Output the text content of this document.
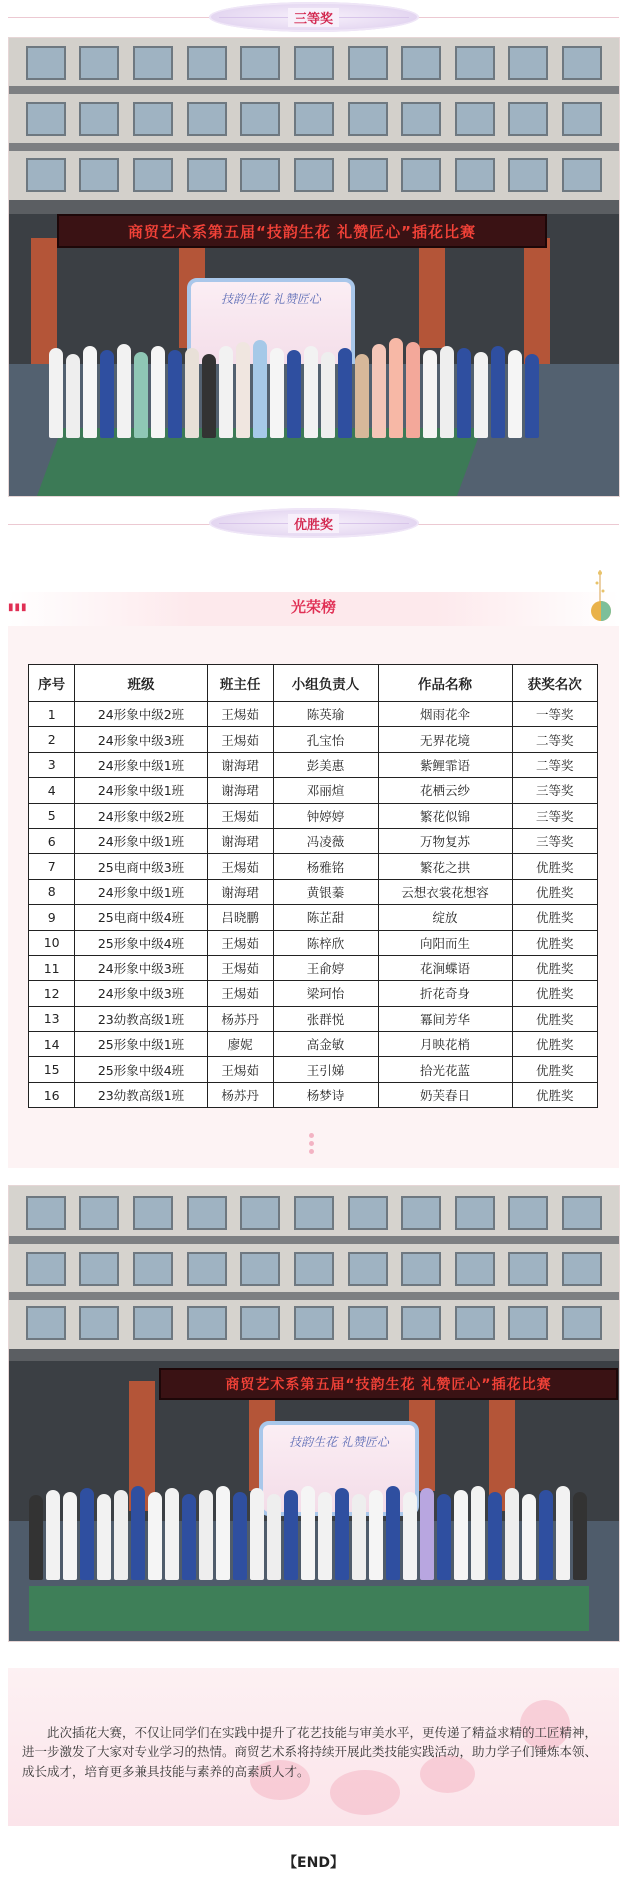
三等奖
商贸艺术系第五届“技韵生花 礼赞匠心”插花比赛
技韵生花 礼赞匠心
优胜奖
▮▮▮	光荣榜
序号	班级	班主任	小组负责人	作品名称	获奖名次
1	24形象中级2班	王焬茹	陈英瑜	烟雨花伞	一等奖
2	24形象中级3班	王焬茹	孔宝怡	无界花境	二等奖
3	24形象中级1班	谢海珺	彭美惠	紫鲤霏语	二等奖
4	24形象中级1班	谢海珺	邓丽煊	花栖云纱	三等奖
5	24形象中级2班	王焬茹	钟婷婷	繁花似锦	三等奖
6	24形象中级1班	谢海珺	冯凌薇	万物复苏	三等奖
7	25电商中级3班	王焬茹	杨雅铭	繁花之拱	优胜奖
8	24形象中级1班	谢海珺	黄银蓁	云想衣裳花想容	优胜奖
9	25电商中级4班	吕晓鹏	陈芷甜	绽放	优胜奖
10	25形象中级4班	王焬茹	陈梓欣	向阳而生	优胜奖
11	24形象中级3班	王焬茹	王俞婷	花涧蝶语	优胜奖
12	24形象中级3班	王焬茹	梁珂怡	折花奇身	优胜奖
13	23幼教高级1班	杨苏丹	张群悦	冪间芳华	优胜奖
14	25形象中级1班	廖妮	高金敏	月映花梢	优胜奖
15	25形象中级4班	王焬茹	王引娣	拾光花蓝	优胜奖
16	23幼教高级1班	杨苏丹	杨梦诗	奶芙春日	优胜奖
商贸艺术系第五届“技韵生花 礼赞匠心”插花比赛
技韵生花 礼赞匠心

此次插花大赛，不仅让同学们在实践中提升了花艺技能与审美水平，更传递了精益求精的工匠精神，进一步激发了大家对专业学习的热情。商贸艺术系将持续开展此类技能实践活动，助力学子们锤炼本领、成长成才，培育更多兼具技能与素养的高素质人才。

【END】
